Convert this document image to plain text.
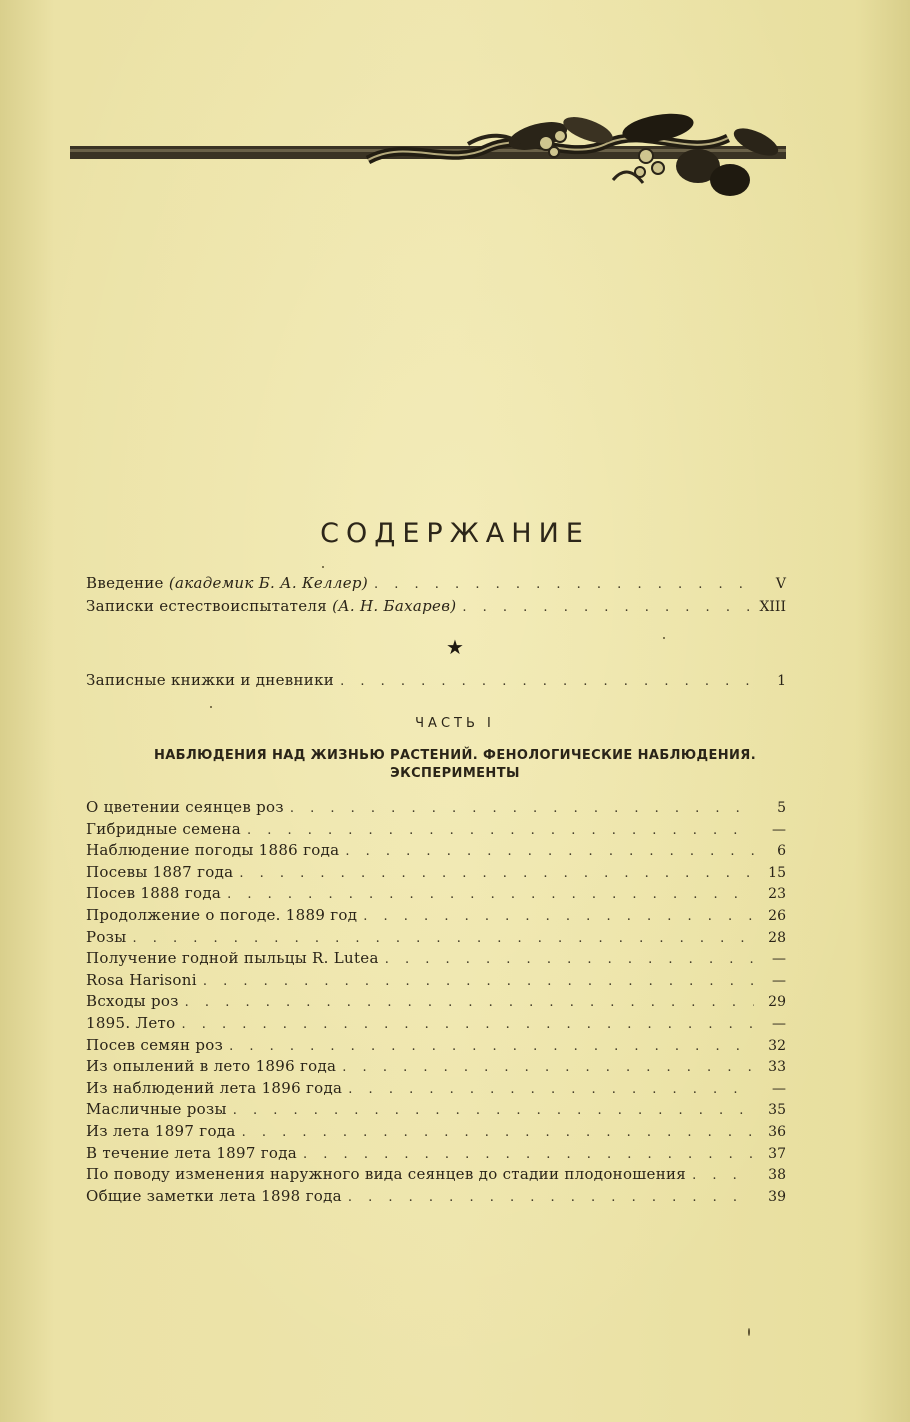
СОДЕРЖАНИЕ
Введение (академик Б. А. Келлер) . . .	V
Записки естествоиспытателя (А. Н. Бахарев) . . .	XIII
★
Записные книжки и дневники . . .	1
ЧАСТЬ I
НАБЛЮДЕНИЯ НАД ЖИЗНЬЮ РАСТЕНИЙ. ФЕНОЛОГИЧЕСКИЕ НАБЛЮДЕНИЯ. ЭКСПЕРИМЕНТЫ
О цветении сеянцев роз . . .	5
Гибридные семена . . .	—
Наблюдение погоды 1886 года . . .	6
Посевы 1887 года . . .	15
Посев 1888 года . . .	23
Продолжение о погоде. 1889 год . . .	26
Розы . . .	28
Получение годной пыльцы R. Lutea . . .	—
Rosa Harisoni . . .	—
Всходы роз . . .	29
1895. Лето . . .	—
Посев семян роз . . .	32
Из опылений в лето 1896 года . . .	33
Из наблюдений лета 1896 года . . .	—
Масличные розы . . .	35
Из лета 1897 года . . .	36
В течение лета 1897 года . . .	37
По поводу изменения наружного вида сеянцев до стадии плодоношения . . .	38
Общие заметки лета 1898 года . . .	39
